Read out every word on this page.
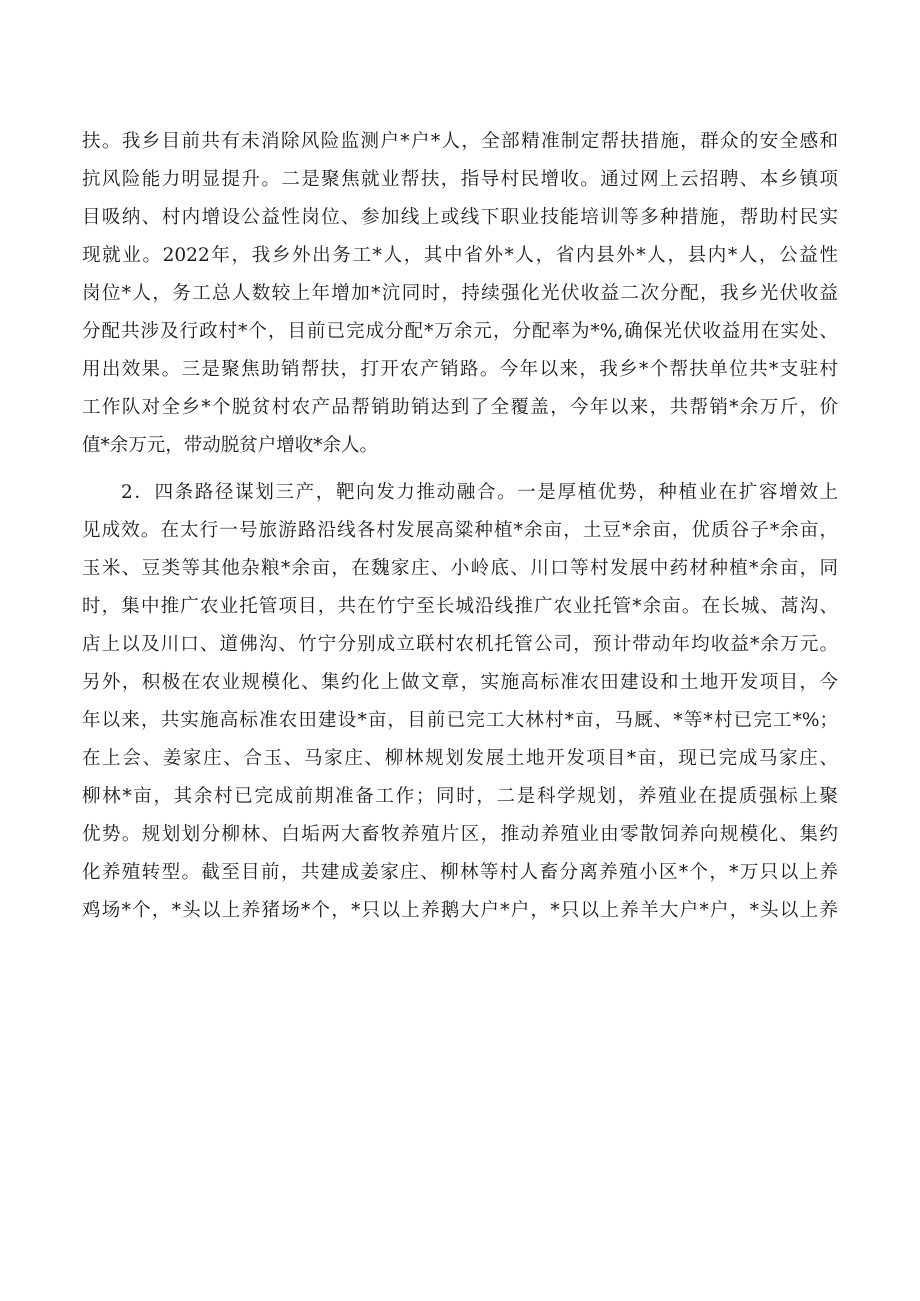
扶。我乡目前共有未消除风险监测户*户*人，全部精准制定帮扶措施，群众的安全感和
抗风险能力明显提升。二是聚焦就业帮扶，指导村民增收。通过网上云招聘、本乡镇项
目吸纳、村内增设公益性岗位、参加线上或线下职业技能培训等多种措施，帮助村民实
现就业。2022年，我乡外出务工*人，其中省外*人，省内县外*人，县内*人，公益性
岗位*人，务工总人数较上年增加*沆同时，持续强化光伏收益二次分配，我乡光伏收益
分配共涉及行政村*个，目前已完成分配*万余元，分配率为*%,确保光伏收益用在实处、
用出效果。三是聚焦助销帮扶，打开农产销路。今年以来，我乡*个帮扶单位共*支驻村
工作队对全乡*个脱贫村农产品帮销助销达到了全覆盖，今年以来，共帮销*余万斤，价
值*余万元，带动脱贫户增收*余人。
2．四条路径谋划三产，靶向发力推动融合。一是厚植优势，种植业在扩容增效上
见成效。在太行一号旅游路沿线各村发展高粱种植*余亩，土豆*余亩，优质谷子*余亩，
玉米、豆类等其他杂粮*余亩，在魏家庄、小岭底、川口等村发展中药材种植*余亩，同
时，集中推广农业托管项目，共在竹宁至长城沿线推广农业托管*余亩。在长城、蒿沟、
店上以及川口、道佛沟、竹宁分别成立联村农机托管公司，预计带动年均收益*余万元。
另外，积极在农业规模化、集约化上做文章，实施高标准农田建设和土地开发项目，今
年以来，共实施高标准农田建设*亩，目前已完工大林村*亩，马厩、*等*村已完工*%；
在上会、姜家庄、合玉、马家庄、柳林规划发展土地开发项目*亩，现已完成马家庄、
柳林*亩，其余村已完成前期准备工作；同时，二是科学规划，养殖业在提质强标上聚
优势。规划划分柳林、白垢两大畜牧养殖片区，推动养殖业由零散饲养向规模化、集约
化养殖转型。截至目前，共建成姜家庄、柳林等村人畜分离养殖小区*个，*万只以上养
鸡场*个，*头以上养猪场*个，*只以上养鹅大户*户，*只以上养羊大户*户，*头以上养
